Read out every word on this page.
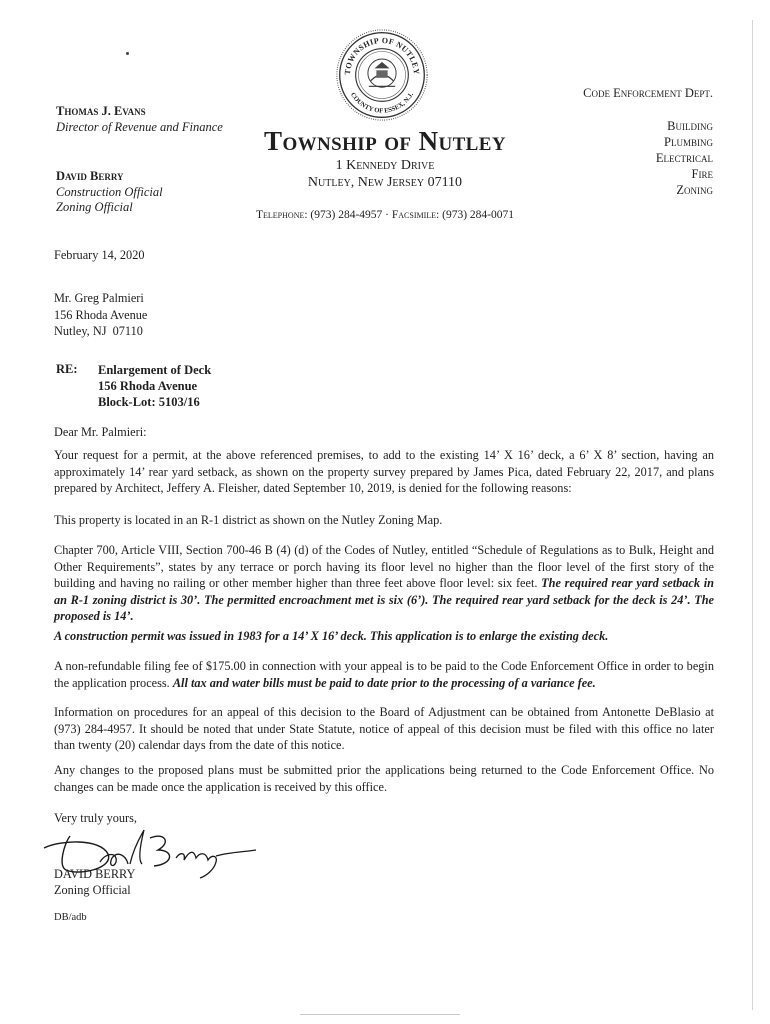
TOWNSHIP OF NUTLEY
COUNTY OF ESSEX, N.J.
Thomas J. Evans
Director of Revenue and Finance
David Berry
Construction Official
Zoning Official
Township of Nutley
1 Kennedy Drive
Nutley, New Jersey 07110
Telephone: (973) 284-4957 · Facsimile: (973) 284-0071
Code Enforcement Dept.
Building
Plumbing
Electrical
Fire
Zoning
February 14, 2020
Mr. Greg Palmieri
156 Rhoda Avenue
Nutley, NJ  07110
RE: Enlargement of Deck
156 Rhoda Avenue
Block-Lot: 5103/16
Dear Mr. Palmieri:
Your request for a permit, at the above referenced premises, to add to the existing 14’ X 16’ deck, a 6’ X 8’ section, having an approximately 14’ rear yard setback, as shown on the property survey prepared by James Pica, dated February 22, 2017, and plans prepared by Architect, Jeffery A. Fleisher, dated September 10, 2019, is denied for the following reasons:
This property is located in an R-1 district as shown on the Nutley Zoning Map.
Chapter 700, Article VIII, Section 700-46 B (4) (d) of the Codes of Nutley, entitled “Schedule of Regulations as to Bulk, Height and Other Requirements”, states by any terrace or porch having its floor level no higher than the floor level of the first story of the building and having no railing or other member higher than three feet above floor level: six feet. The required rear yard setback in an R-1 zoning district is 30’. The permitted encroachment met is six (6’). The required rear yard setback for the deck is 24’. The proposed is 14’.
A construction permit was issued in 1983 for a 14’ X 16’ deck. This application is to enlarge the existing deck.
A non-refundable filing fee of $175.00 in connection with your appeal is to be paid to the Code Enforcement Office in order to begin the application process. All tax and water bills must be paid to date prior to the processing of a variance fee.
Information on procedures for an appeal of this decision to the Board of Adjustment can be obtained from Antonette DeBlasio at (973) 284-4957. It should be noted that under State Statute, notice of appeal of this decision must be filed with this office no later than twenty (20) calendar days from the date of this notice.
Any changes to the proposed plans must be submitted prior the applications being returned to the Code Enforcement Office. No changes can be made once the application is received by this office.
Very truly yours,
DAVID BERRY
Zoning Official
DB/adb
